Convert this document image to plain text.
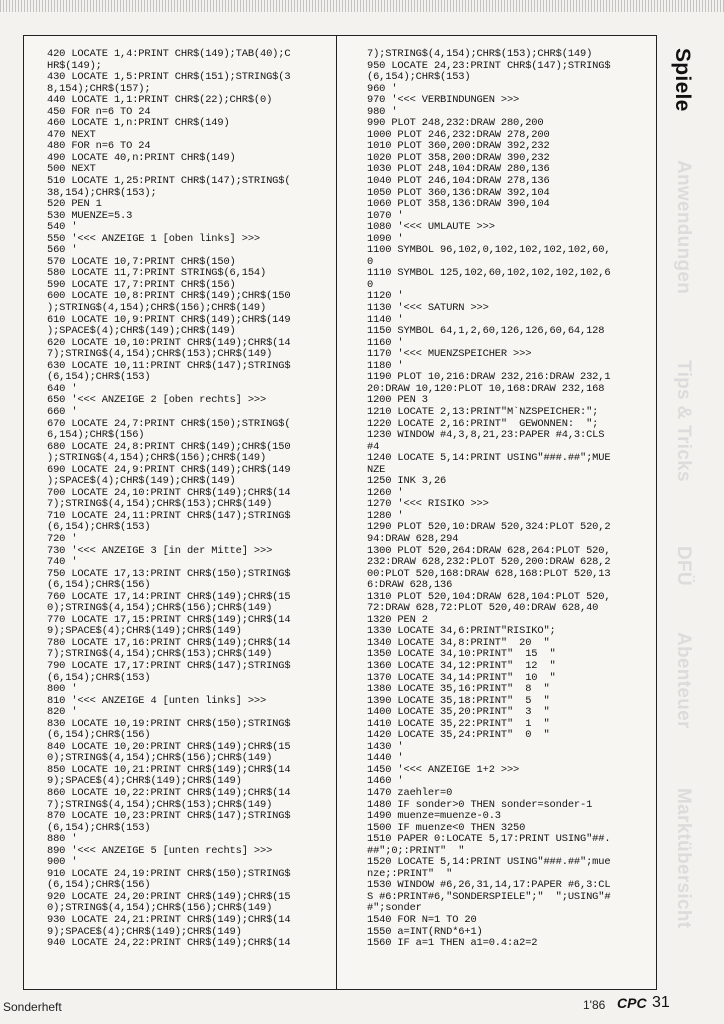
420 LOCATE 1,4:PRINT CHR$(149);TAB(40);C
HR$(149);
430 LOCATE 1,5:PRINT CHR$(151);STRING$(3
8,154);CHR$(157);
440 LOCATE 1,1:PRINT CHR$(22);CHR$(0)
450 FOR n=6 TO 24
460 LOCATE 1,n:PRINT CHR$(149)
470 NEXT
480 FOR n=6 TO 24
490 LOCATE 40,n:PRINT CHR$(149)
500 NEXT
510 LOCATE 1,25:PRINT CHR$(147);STRING$(
38,154);CHR$(153);
520 PEN 1
530 MUENZE=5.3
540 '
550 '<<< ANZEIGE 1 [oben links] >>>
560 '
570 LOCATE 10,7:PRINT CHR$(150)
580 LOCATE 11,7:PRINT STRING$(6,154)
590 LOCATE 17,7:PRINT CHR$(156)
600 LOCATE 10,8:PRINT CHR$(149);CHR$(150
);STRING$(4,154);CHR$(156);CHR$(149)
610 LOCATE 10,9:PRINT CHR$(149);CHR$(149
);SPACE$(4);CHR$(149);CHR$(149)
620 LOCATE 10,10:PRINT CHR$(149);CHR$(14
7);STRING$(4,154);CHR$(153);CHR$(149)
630 LOCATE 10,11:PRINT CHR$(147);STRING$
(6,154);CHR$(153)
640 '
650 '<<< ANZEIGE 2 [oben rechts] >>>
660 '
670 LOCATE 24,7:PRINT CHR$(150);STRING$(
6,154);CHR$(156)
680 LOCATE 24,8:PRINT CHR$(149);CHR$(150
);STRING$(4,154);CHR$(156);CHR$(149)
690 LOCATE 24,9:PRINT CHR$(149);CHR$(149
);SPACE$(4);CHR$(149);CHR$(149)
700 LOCATE 24,10:PRINT CHR$(149);CHR$(14
7);STRING$(4,154);CHR$(153);CHR$(149)
710 LOCATE 24,11:PRINT CHR$(147);STRING$
(6,154);CHR$(153)
720 '
730 '<<< ANZEIGE 3 [in der Mitte] >>>
740 '
750 LOCATE 17,13:PRINT CHR$(150);STRING$
(6,154);CHR$(156)
760 LOCATE 17,14:PRINT CHR$(149);CHR$(15
0);STRING$(4,154);CHR$(156);CHR$(149)
770 LOCATE 17,15:PRINT CHR$(149);CHR$(14
9);SPACE$(4);CHR$(149);CHR$(149)
780 LOCATE 17,16:PRINT CHR$(149);CHR$(14
7);STRING$(4,154);CHR$(153);CHR$(149)
790 LOCATE 17,17:PRINT CHR$(147);STRING$
(6,154);CHR$(153)
800 '
810 '<<< ANZEIGE 4 [unten links] >>>
820 '
830 LOCATE 10,19:PRINT CHR$(150);STRING$
(6,154);CHR$(156)
840 LOCATE 10,20:PRINT CHR$(149);CHR$(15
0);STRING$(4,154);CHR$(156);CHR$(149)
850 LOCATE 10,21:PRINT CHR$(149);CHR$(14
9);SPACE$(4);CHR$(149);CHR$(149)
860 LOCATE 10,22:PRINT CHR$(149);CHR$(14
7);STRING$(4,154);CHR$(153);CHR$(149)
870 LOCATE 10,23:PRINT CHR$(147);STRING$
(6,154);CHR$(153)
880 '
890 '<<< ANZEIGE 5 [unten rechts] >>>
900 '
910 LOCATE 24,19:PRINT CHR$(150);STRING$
(6,154);CHR$(156)
920 LOCATE 24,20:PRINT CHR$(149);CHR$(15
0);STRING$(4,154);CHR$(156);CHR$(149)
930 LOCATE 24,21:PRINT CHR$(149);CHR$(14
9);SPACE$(4);CHR$(149);CHR$(149)
940 LOCATE 24,22:PRINT CHR$(149);CHR$(14
7);STRING$(4,154);CHR$(153);CHR$(149)
950 LOCATE 24,23:PRINT CHR$(147);STRING$
(6,154);CHR$(153)
960 '
970 '<<< VERBINDUNGEN >>>
980 '
990 PLOT 248,232:DRAW 280,200
1000 PLOT 246,232:DRAW 278,200
1010 PLOT 360,200:DRAW 392,232
1020 PLOT 358,200:DRAW 390,232
1030 PLOT 248,104:DRAW 280,136
1040 PLOT 246,104:DRAW 278,136
1050 PLOT 360,136:DRAW 392,104
1060 PLOT 358,136:DRAW 390,104
1070 '
1080 '<<< UMLAUTE >>>
1090 '
1100 SYMBOL 96,102,0,102,102,102,102,60,
0
1110 SYMBOL 125,102,60,102,102,102,102,6
0
1120 '
1130 '<<< SATURN >>>
1140 '
1150 SYMBOL 64,1,2,60,126,126,60,64,128
1160 '
1170 '<<< MUENZSPEICHER >>>
1180 '
1190 PLOT 10,216:DRAW 232,216:DRAW 232,1
20:DRAW 10,120:PLOT 10,168:DRAW 232,168
1200 PEN 3
1210 LOCATE 2,13:PRINT"M`NZSPEICHER:";
1220 LOCATE 2,16:PRINT"  GEWONNEN:  ";
1230 WINDOW #4,3,8,21,23:PAPER #4,3:CLS
#4
1240 LOCATE 5,14:PRINT USING"###.##";MUE
NZE
1250 INK 3,26
1260 '
1270 '<<< RISIKO >>>
1280 '
1290 PLOT 520,10:DRAW 520,324:PLOT 520,2
94:DRAW 628,294
1300 PLOT 520,264:DRAW 628,264:PLOT 520,
232:DRAW 628,232:PLOT 520,200:DRAW 628,2
00:PLOT 520,168:DRAW 628,168:PLOT 520,13
6:DRAW 628,136
1310 PLOT 520,104:DRAW 628,104:PLOT 520,
72:DRAW 628,72:PLOT 520,40:DRAW 628,40
1320 PEN 2
1330 LOCATE 34,6:PRINT"RISIKO";
1340 LOCATE 34,8:PRINT"  20  "
1350 LOCATE 34,10:PRINT"  15  "
1360 LOCATE 34,12:PRINT"  12  "
1370 LOCATE 34,14:PRINT"  10  "
1380 LOCATE 35,16:PRINT"  8  "
1390 LOCATE 35,18:PRINT"  5  "
1400 LOCATE 35,20:PRINT"  3  "
1410 LOCATE 35,22:PRINT"  1  "
1420 LOCATE 35,24:PRINT"  0  "
1430 '
1440 '
1450 '<<< ANZEIGE 1+2 >>>
1460 '
1470 zaehler=0
1480 IF sonder>0 THEN sonder=sonder-1
1490 muenze=muenze-0.3
1500 IF muenze<0 THEN 3250
1510 PAPER 0:LOCATE 5,17:PRINT USING"##.
##";0;:PRINT"  "
1520 LOCATE 5,14:PRINT USING"###.##";mue
nze;:PRINT"  "
1530 WINDOW #6,26,31,14,17:PAPER #6,3:CL
S #6:PRINT#6,"SONDERSPIELE";"  ";USING"#
#";sonder
1540 FOR N=1 TO 20
1550 a=INT(RND*6+1)
1560 IF a=1 THEN a1=0.4:a2=2
Spiele
Anwendungen
Tips & Tricks
DFÜ
Abenteuer
Marktübersicht
Sonderheft	1'86 CPC 31
